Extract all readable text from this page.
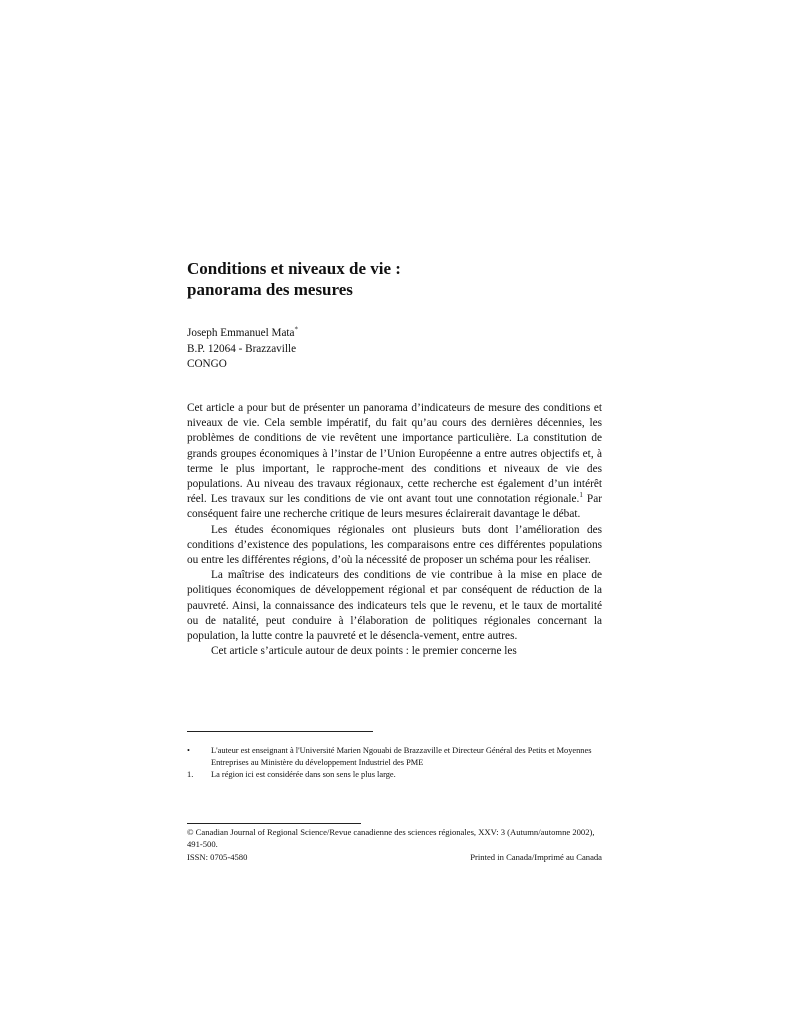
Conditions et niveaux de vie :
panorama des mesures
Joseph Emmanuel Mata*
B.P. 12064 - Brazzaville
CONGO

Cet article a pour but de présenter un panorama d’indicateurs de mesure des conditions et niveaux de vie. Cela semble impératif, du fait qu’au cours des dernières décennies, les problèmes de conditions de vie revêtent une importance particulière. La constitution de grands groupes économiques à l’instar de l’Union Européenne a entre autres objectifs et, à terme le plus important, le rapproche-ment des conditions et niveaux de vie des populations. Au niveau des travaux régionaux, cette recherche est également d’un intérêt réel. Les travaux sur les conditions de vie ont avant tout une connotation régionale.$^1$ Par conséquent faire une recherche critique de leurs mesures éclairerait davantage le débat.

Les études économiques régionales ont plusieurs buts dont l’amélioration des conditions d’existence des populations, les comparaisons entre ces différentes populations ou entre les différentes régions, d’où la nécessité de proposer un schéma pour les réaliser.

La maîtrise des indicateurs des conditions de vie contribue à la mise en place de politiques économiques de développement régional et par conséquent de réduction de la pauvreté. Ainsi, la connaissance des indicateurs tels que le revenu, et le taux de mortalité ou de natalité, peut conduire à l’élaboration de politiques régionales concernant la population, la lutte contre la pauvreté et le désencla-vement, entre autres.

Cet article s’articule autour de deux points : le premier concerne les

•	L'auteur est enseignant à l'Université Marien Ngouabi de Brazzaville et Directeur Général des Petits et Moyennes Entreprises au Ministère du développement Industriel des PME
1.	La région ici est considérée dans son sens le plus large.
© Canadian Journal of Regional Science/Revue canadienne des sciences régionales, XXV: 3 (Autumn/automne 2002), 491-500.
ISSN: 0705-4580	Printed in Canada/Imprimé au Canada
